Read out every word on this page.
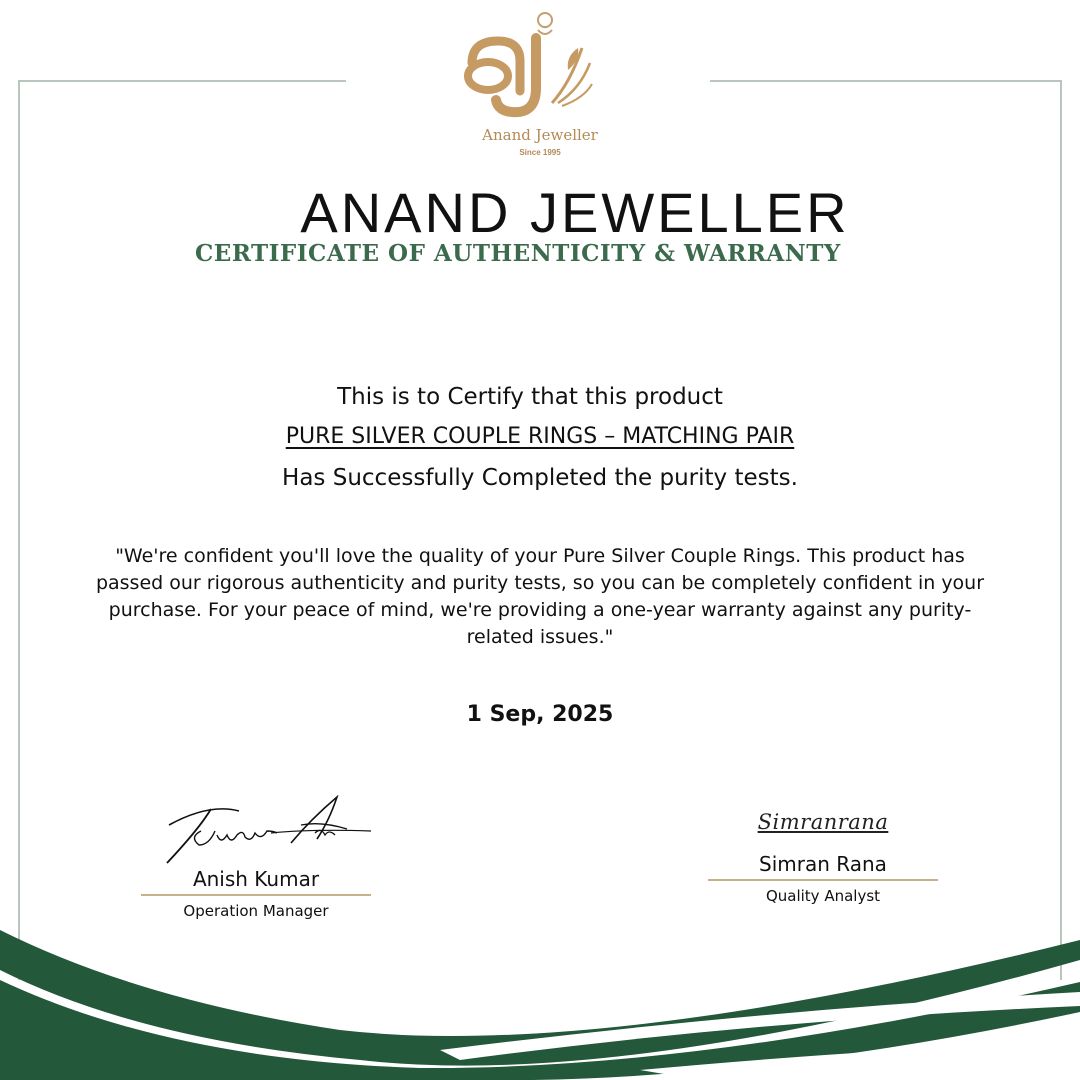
Anand Jeweller
Since 1995
ANAND JEWELLER
CERTIFICATE OF AUTHENTICITY & WARRANTY
This is to Certify that this product
PURE SILVER COUPLE RINGS – MATCHING PAIR
Has Successfully Completed the purity tests.
"We're confident you'll love the quality of your Pure Silver Couple Rings. This product has passed our rigorous authenticity and purity tests, so you can be completely confident in your purchase. For your peace of mind, we're providing a one-year warranty against any purity-related issues."
1 Sep, 2025
Anish Kumar
Operation Manager
Simranrana
Simran Rana
Quality Analyst
